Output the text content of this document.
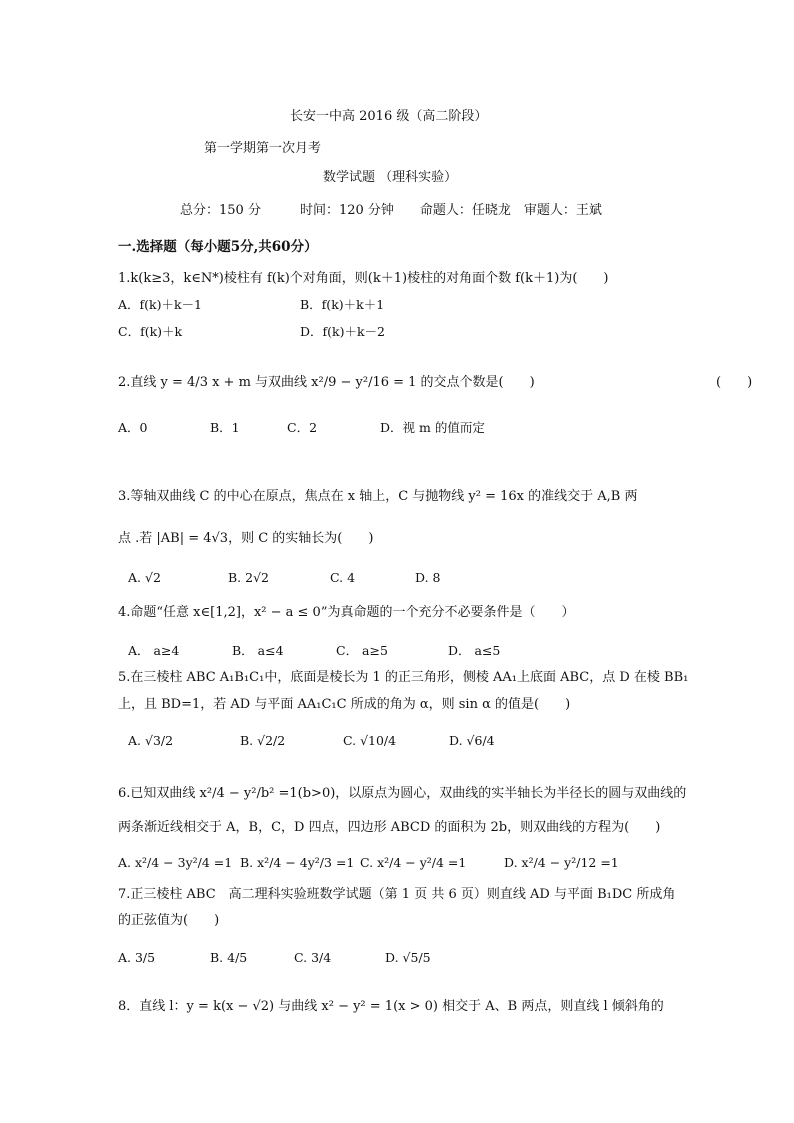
长安一中高 2016 级（高二阶段）
第一学期第一次月考
数学试题 （理科实验）
总分：150 分　　　时间：120 分钟　　命题人：任晓龙　审题人：王斌
一.选择题（每小题5分,共60分）
1.k(k≥3，k∈N*)棱柱有 f(k)个对角面，则(k＋1)棱柱的对角面个数 f(k＋1)为(　　)
A．f(k)＋k－1	B．f(k)＋k＋1
C．f(k)＋k	D．f(k)＋k－2
2.直线 y = 4/3 x + m 与双曲线 x²/9 − y²/16 = 1 的交点个数是(　　)	(　　)
A．0	B．1	C．2	D．视 m 的值而定
3.等轴双曲线 C 的中心在原点，焦点在 x 轴上，C 与抛物线 y² = 16x 的准线交于 A,B 两
点 .若 |AB| = 4√3，则 C 的实轴长为(　　)
A. √2	B. 2√2	C. 4	D. 8
4.命题“任意 x∈[1,2]，x² − a ≤ 0”为真命题的一个充分不必要条件是（　　）
A． a≥4	B． a≤4	C． a≥5	D． a≤5
5.在三棱柱 ABC A₁B₁C₁中，底面是棱长为 1 的正三角形，侧棱 AA₁上底面 ABC，点 D 在棱 BB₁
上，且 BD=1，若 AD 与平面 AA₁C₁C 所成的角为 α，则 sin α 的值是(　　)
A. √3/2	B. √2/2	C. √10/4	D. √6/4
6.已知双曲线 x²/4 − y²/b² =1(b>0)，以原点为圆心，双曲线的实半轴长为半径长的圆与双曲线的
两条渐近线相交于 A，B，C，D 四点，四边形 ABCD 的面积为 2b，则双曲线的方程为(　　)
A. x²/4 − 3y²/4 =1 B. x²/4 − 4y²/3 =1 C. x²/4 − y²/4 =1	D. x²/4 − y²/12 =1
7.正三棱柱 ABC　高二理科实验班数学试题（第 1 页 共 6 页）则直线 AD 与平面 B₁DC 所成角
的正弦值为(　　)
A. 3/5	B. 4/5	C. 3/4	D. √5/5
8．直线 l：y = k(x − √2) 与曲线 x² − y² = 1(x > 0) 相交于 A、B 两点，则直线 l 倾斜角的
